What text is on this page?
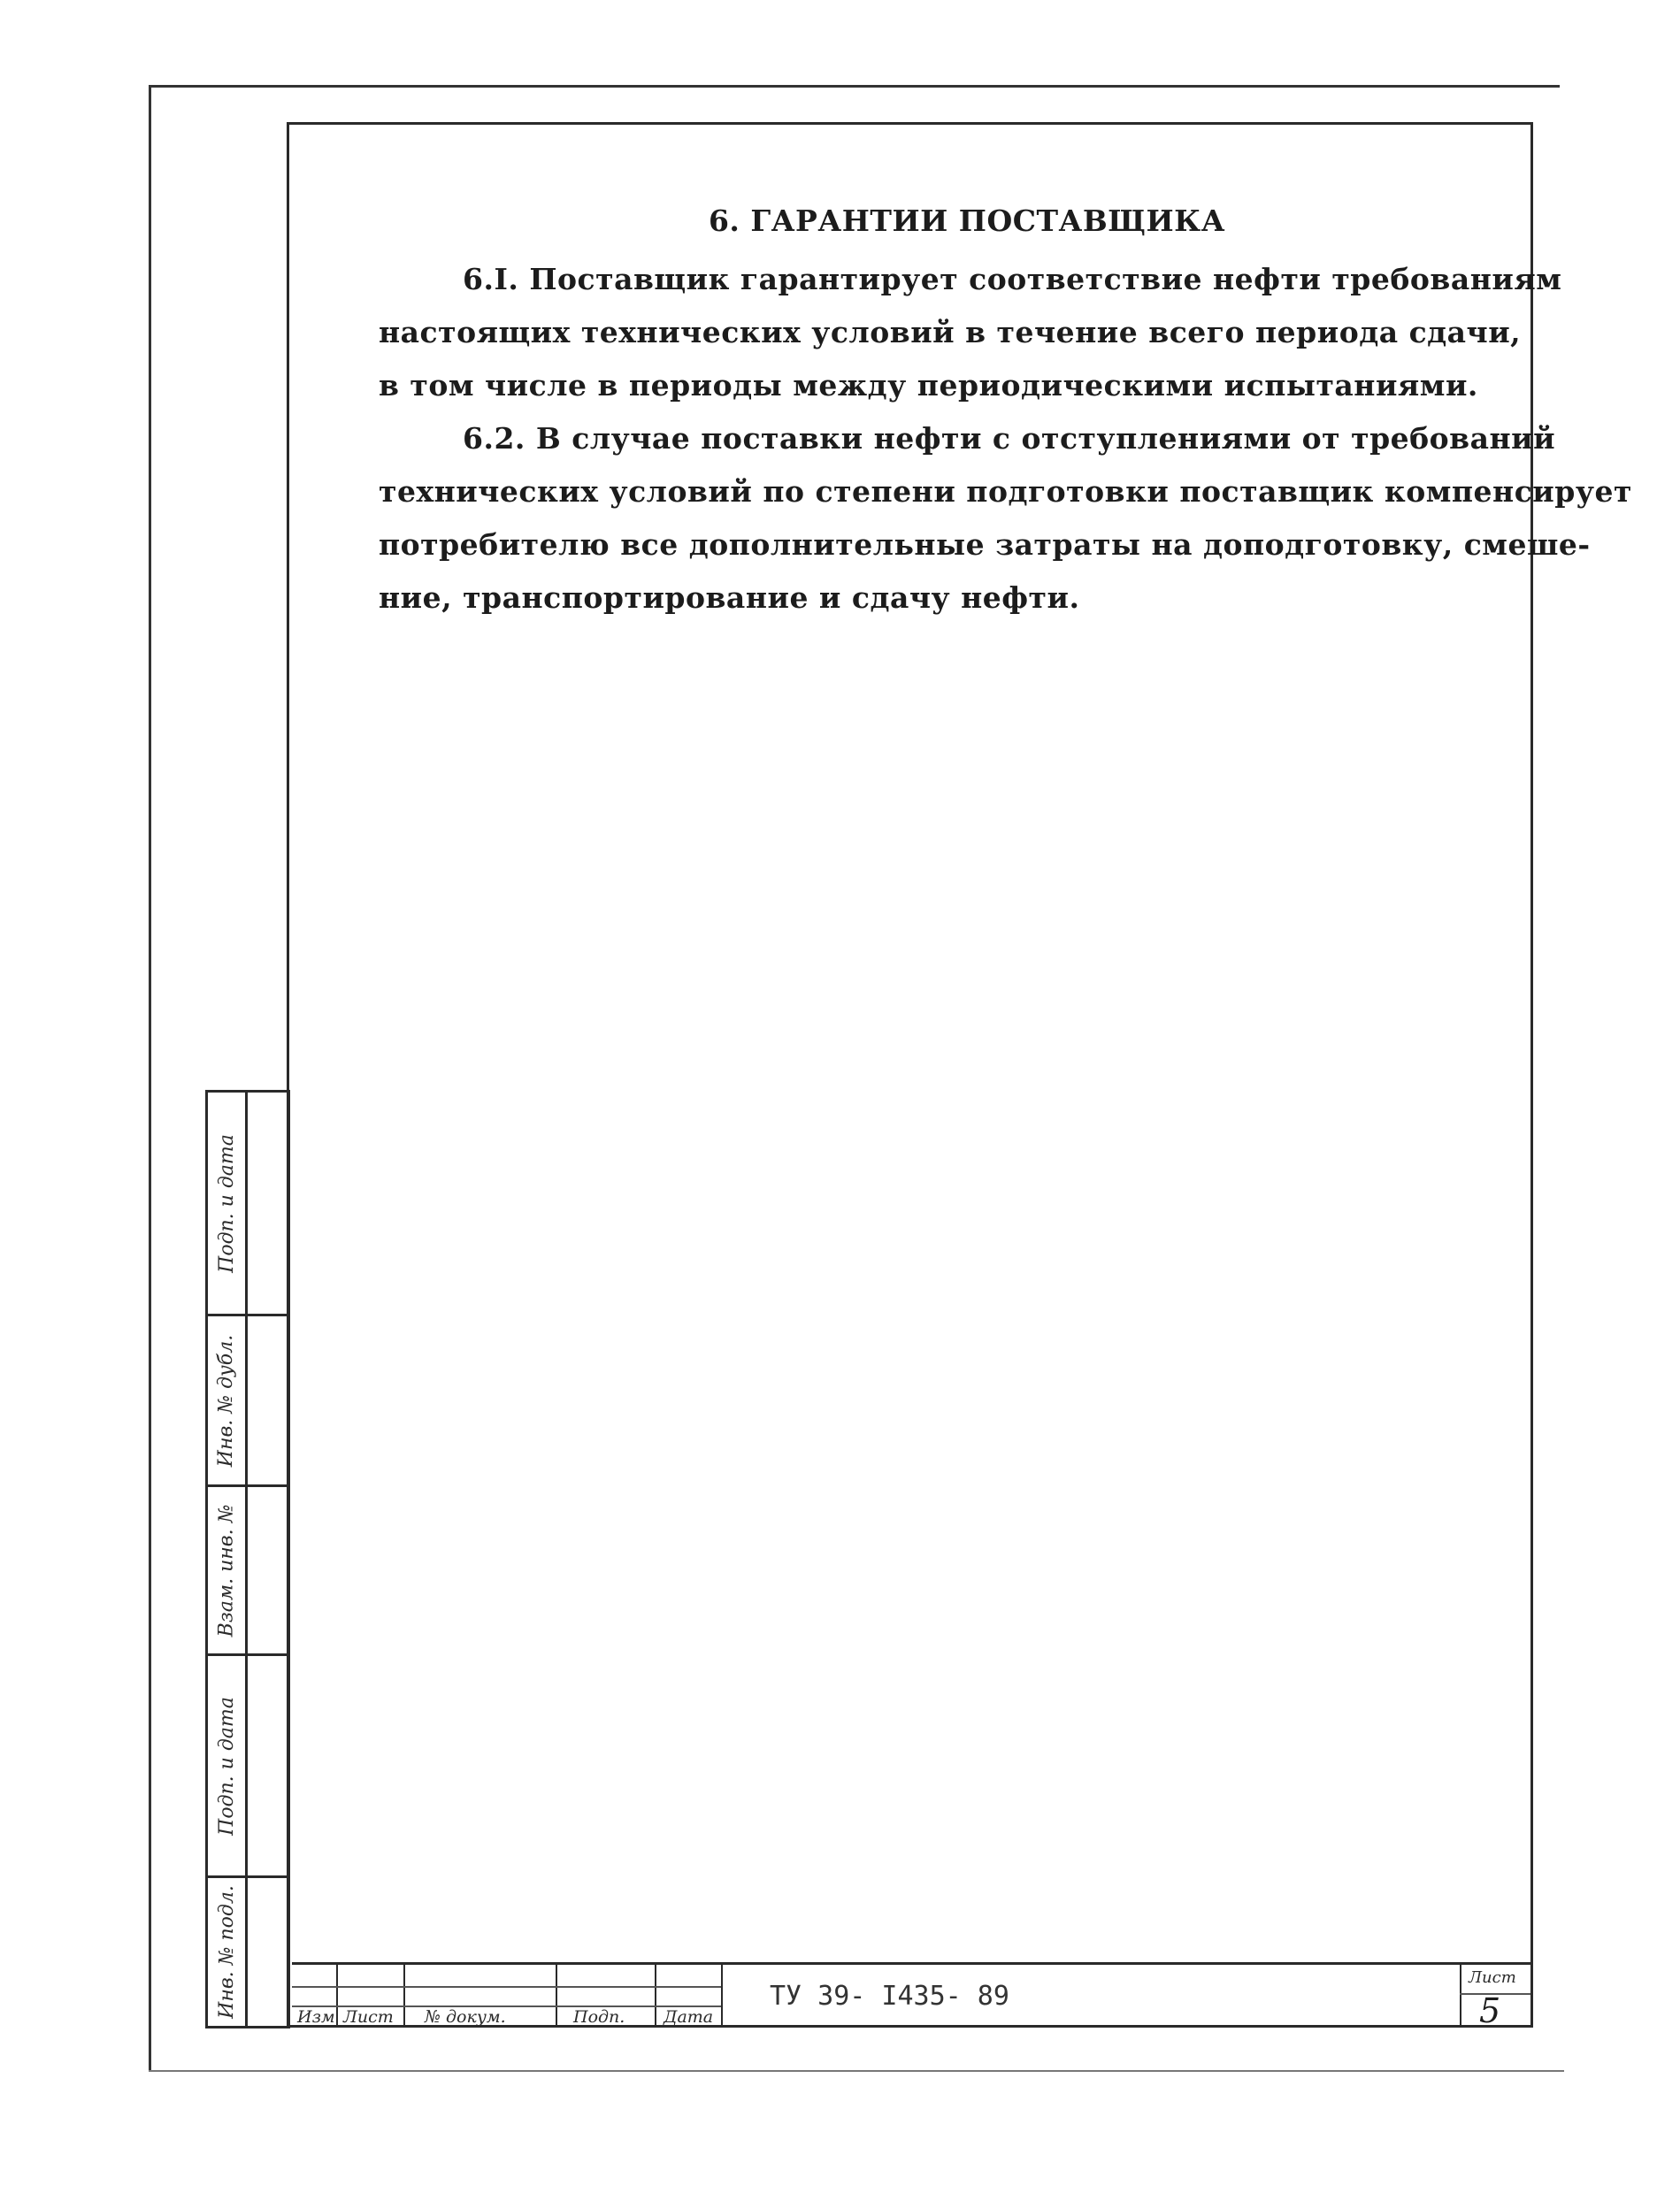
6. ГАРАНТИИ ПОСТАВЩИКА
6.I. Поставщик гарантирует соответствие нефти требованиям
настоящих технических условий в течение всего периода сдачи,
в том числе в периоды между периодическими испытаниями.
6.2. В случае поставки нефти с отступлениями от требований
технических условий по степени подготовки поставщик компенсирует
потребителю все дополнительные затраты на доподготовку, смеше-
ние, транспортирование и сдачу нефти.
Подп. и дата
Инв. № дубл.
Взам. инв. №
Подп. и дата
Инв. № подл.	Изм Лист № докум.	Подп. Дата
ТУ 39- I435- 89
Лист
5
